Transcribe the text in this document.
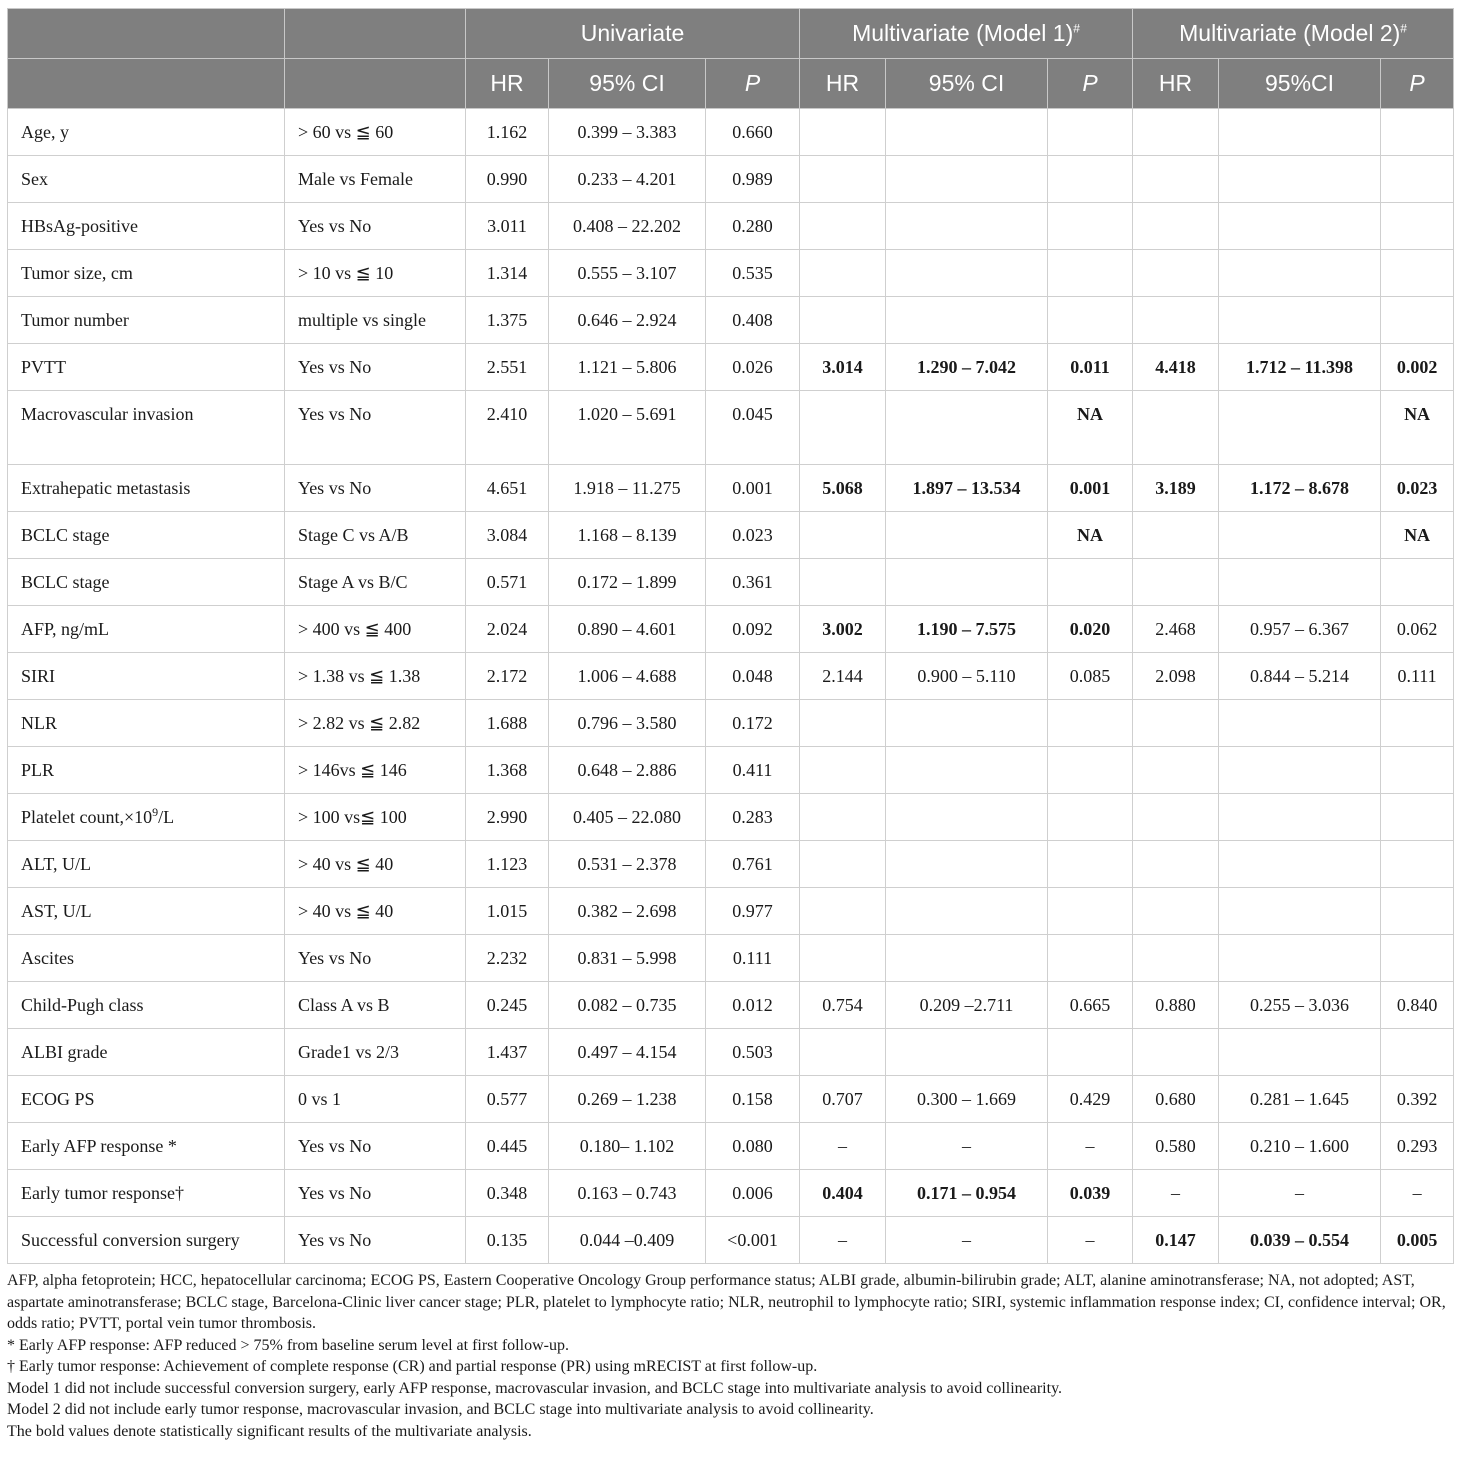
		Univariate			Multivariate (Model 1)#			Multivariate (Model 2)#
		HR	95% CI	P	HR	95% CI	P	HR	95%CI	P
Age, y	> 60 vs ≦ 60	1.162	0.399 – 3.383	0.660						
Sex	Male vs Female	0.990	0.233 – 4.201	0.989						
HBsAg-positive	Yes vs No	3.011	0.408 – 22.202	0.280						
Tumor size, cm	> 10 vs ≦ 10	1.314	0.555 – 3.107	0.535						
Tumor number	multiple vs single	1.375	0.646 – 2.924	0.408						
PVTT	Yes vs No	2.551	1.121 – 5.806	0.026	3.014	1.290 – 7.042	0.011	4.418	1.712 – 11.398	0.002
Macrovascular invasion	Yes vs No	2.410	1.020 – 5.691	0.045			NA			NA
Extrahepatic metastasis	Yes vs No	4.651	1.918 – 11.275	0.001	5.068	1.897 – 13.534	0.001	3.189	1.172 – 8.678	0.023
BCLC stage	Stage C vs A/B	3.084	1.168 – 8.139	0.023			NA			NA
BCLC stage	Stage A vs B/C	0.571	0.172 – 1.899	0.361						
AFP, ng/mL	> 400 vs ≦ 400	2.024	0.890 – 4.601	0.092	3.002	1.190 – 7.575	0.020	2.468	0.957 – 6.367	0.062
SIRI	> 1.38 vs ≦ 1.38	2.172	1.006 – 4.688	0.048	2.144	0.900 – 5.110	0.085	2.098	0.844 – 5.214	0.111
NLR	> 2.82 vs ≦ 2.82	1.688	0.796 – 3.580	0.172						
PLR	> 146vs ≦ 146	1.368	0.648 – 2.886	0.411						
Platelet $count,\times 10^9/L$	> 100 vs≦ 100	2.990	0.405 – 22.080	0.283						
ALT, U/L	> 40 vs ≦ 40	1.123	0.531 – 2.378	0.761						
AST, U/L	> 40 vs ≦ 40	1.015	0.382 – 2.698	0.977						
Ascites	Yes vs No	2.232	0.831 – 5.998	0.111						
Child-Pugh class	Class A vs B	0.245	0.082 – 0.735	0.012	0.754	0.209 –2.711	0.665	0.880	0.255 – 3.036	0.840
ALBI grade	Grade1 vs 2/3	1.437	0.497 – 4.154	0.503						
ECOG PS	0 vs 1	0.577	0.269 – 1.238	0.158	0.707	0.300 – 1.669	0.429	0.680	0.281 – 1.645	0.392
Early AFP response *	Yes vs No	0.445	0.180– 1.102	0.080	–	–	–	0.580	0.210 – 1.600	0.293
Early tumor response†	Yes vs No	0.348	0.163 – 0.743	0.006	0.404	0.171 – 0.954	0.039	–	–	–
Successful conversion surgery	Yes vs No	0.135	0.044 –0.409	<0.001	–	–	–	0.147	0.039 – 0.554	0.005

AFP, alpha fetoprotein; HCC, hepatocellular carcinoma; ECOG PS, Eastern Cooperative Oncology Group performance status; ALBI grade, albumin-bilirubin grade; ALT, alanine aminotransferase; NA, not adopted; AST, aspartate aminotransferase; BCLC stage, Barcelona-Clinic liver cancer stage; PLR, platelet to lymphocyte ratio; NLR, neutrophil to lymphocyte ratio; SIRI, systemic inflammation response index; CI, confidence interval; OR, odds ratio; PVTT, portal vein tumor thrombosis.

* Early AFP response: AFP reduced > 75% from baseline serum level at first follow-up.

† Early tumor response: Achievement of complete response (CR) and partial response (PR) using mRECIST at first follow-up.

Model 1 did not include successful conversion surgery, early AFP response, macrovascular invasion, and BCLC stage into multivariate analysis to avoid collinearity.

Model 2 did not include early tumor response, macrovascular invasion, and BCLC stage into multivariate analysis to avoid collinearity.

The bold values denote statistically significant results of the multivariate analysis.
